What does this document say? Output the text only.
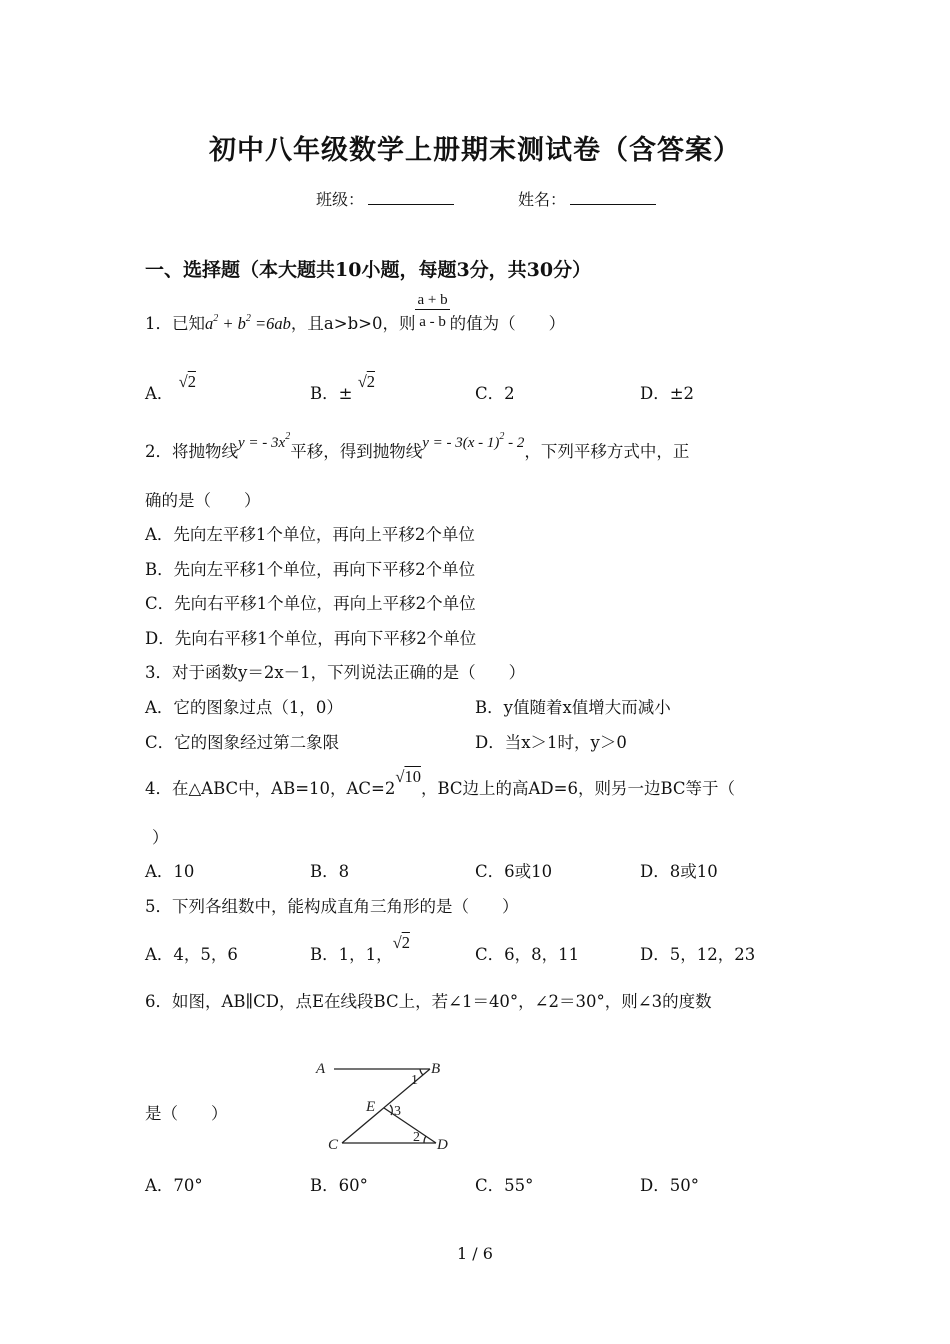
初中八年级数学上册期末测试卷（含答案）
班级：	姓名：
一、选择题（本大题共10小题，每题3分，共30分）
1．已知$a^2 + b^2 =6ab$，且a>b>0，则 $\frac{a + b}{a - b}$ 的值为（　　）
A． √2
B．± √2
C．2	D．±2
2．将抛物线y = - $3x^2$平移，得到抛物线y = - 3(x - 1)$^2$ - 2，下列平移方式中，正
确的是（　　）
A．先向左平移1个单位，再向上平移2个单位
B．先向左平移1个单位，再向下平移2个单位
C．先向右平移1个单位，再向上平移2个单位
D．先向右平移1个单位，再向下平移2个单位
3．对于函数y＝2x－1，下列说法正确的是（　　）
A．它的图象过点（1，0）	B．y值随着x值增大而减小
C．它的图象经过第二象限	D．当x＞1时，y＞0
4．在△ABC中，AB=10，AC=2√10，BC边上的高AD=6，则另一边BC等于（
）
A．10	B．8	C．6或10	D．8或10
5．下列各组数中，能构成直角三角形的是（　　）
A．4，5，6	B．1，1，√2
C．6，8，11	D．5，12，23
6．如图，AB∥CD，点E在线段BC上，若∠1＝40°，∠2＝30°，则∠3的度数
是（　　）
A	B
C	D
E
1
3
2
A．70°	B．60°	C．55°	D．50°
1 / 6
